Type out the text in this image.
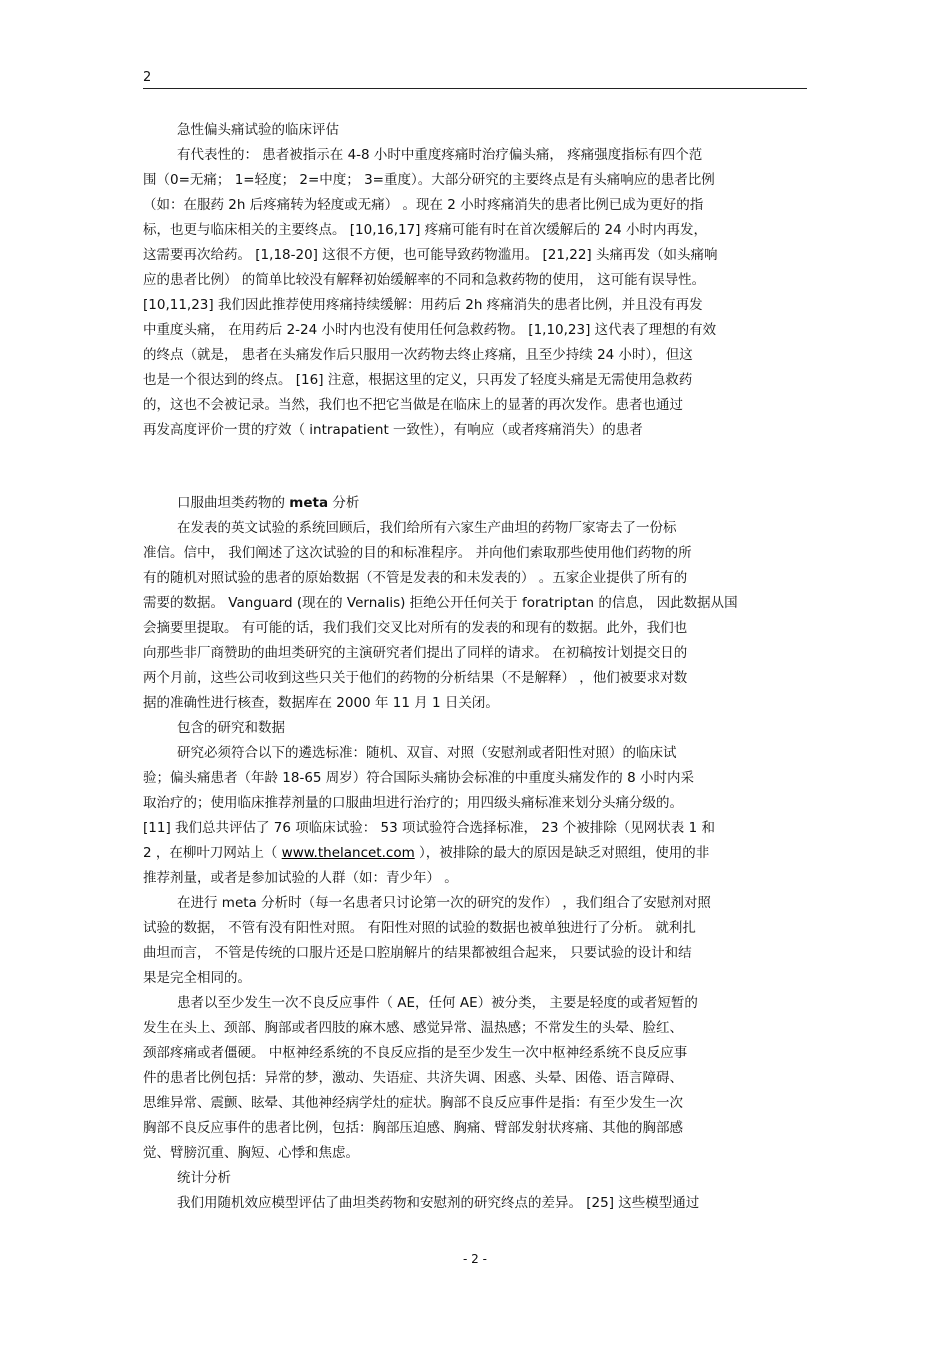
2
急性偏头痛试验的临床评估
有代表性的： 患者被指示在 4-8 小时中重度疼痛时治疗偏头痛， 疼痛强度指标有四个范
围（0=无痛； 1=轻度； 2=中度； 3=重度）。大部分研究的主要终点是有头痛响应的患者比例
（如：在服药 2h 后疼痛转为轻度或无痛） 。现在 2 小时疼痛消失的患者比例已成为更好的指
标，也更与临床相关的主要终点。 [10,16,17] 疼痛可能有时在首次缓解后的 24 小时内再发，
这需要再次给药。 [1,18-20] 这很不方便，也可能导致药物滥用。 [21,22] 头痛再发（如头痛响
应的患者比例） 的简单比较没有解释初始缓解率的不同和急救药物的使用， 这可能有误导性。
[10,11,23] 我们因此推荐使用疼痛持续缓解：用药后 2h 疼痛消失的患者比例，并且没有再发
中重度头痛， 在用药后 2-24 小时内也没有使用任何急救药物。 [1,10,23] 这代表了理想的有效
的终点（就是， 患者在头痛发作后只服用一次药物去终止疼痛，且至少持续 24 小时），但这
也是一个很达到的终点。 [16] 注意，根据这里的定义，只再发了轻度头痛是无需使用急救药
的，这也不会被记录。当然，我们也不把它当做是在临床上的显著的再次发作。患者也通过
再发高度评价一贯的疗效（ intrapatient 一致性），有响应（或者疼痛消失）的患者
口服曲坦类药物的 meta 分析
在发表的英文试验的系统回顾后，我们给所有六家生产曲坦的药物厂家寄去了一份标
准信。信中， 我们阐述了这次试验的目的和标准程序。 并向他们索取那些使用他们药物的所
有的随机对照试验的患者的原始数据（不管是发表的和未发表的） 。五家企业提供了所有的
需要的数据。 Vanguard (现在的 Vernalis) 拒绝公开任何关于 foratriptan 的信息， 因此数据从国
会摘要里提取。 有可能的话，我们我们交叉比对所有的发表的和现有的数据。此外，我们也
向那些非厂商赞助的曲坦类研究的主演研究者们提出了同样的请求。 在初稿按计划提交日的
两个月前，这些公司收到这些只关于他们的药物的分析结果（不是解释） ，他们被要求对数
据的准确性进行核查，数据库在 2000 年 11 月 1 日关闭。
包含的研究和数据
研究必须符合以下的遴选标准：随机、双盲、对照（安慰剂或者阳性对照）的临床试
验；偏头痛患者（年龄 18-65 周岁）符合国际头痛协会标准的中重度头痛发作的 8 小时内采
取治疗的；使用临床推荐剂量的口服曲坦进行治疗的；用四级头痛标准来划分头痛分级的。
[11] 我们总共评估了 76 项临床试验： 53 项试验符合选择标准， 23 个被排除（见网状表 1 和
2 ，在柳叶刀网站上（ www.thelancet.com ），被排除的最大的原因是缺乏对照组，使用的非
推荐剂量，或者是参加试验的人群（如：青少年） 。
在进行 meta 分析时（每一名患者只讨论第一次的研究的发作） ，我们组合了安慰剂对照
试验的数据， 不管有没有阳性对照。 有阳性对照的试验的数据也被单独进行了分析。 就利扎
曲坦而言， 不管是传统的口服片还是口腔崩解片的结果都被组合起来， 只要试验的设计和结
果是完全相同的。
患者以至少发生一次不良反应事件（ AE，任何 AE）被分类， 主要是轻度的或者短暂的
发生在头上、颈部、胸部或者四肢的麻木感、感觉异常、温热感；不常发生的头晕、脸红、
颈部疼痛或者僵硬。 中枢神经系统的不良反应指的是至少发生一次中枢神经系统不良反应事
件的患者比例包括：异常的梦，激动、失语症、共济失调、困惑、头晕、困倦、语言障碍、
思维异常、震颤、眩晕、其他神经病学灶的症状。胸部不良反应事件是指：有至少发生一次
胸部不良反应事件的患者比例，包括：胸部压迫感、胸痛、臂部发射状疼痛、其他的胸部感
觉、臂膀沉重、胸短、心悸和焦虑。
统计分析
我们用随机效应模型评估了曲坦类药物和安慰剂的研究终点的差异。 [25] 这些模型通过
- 2 -
